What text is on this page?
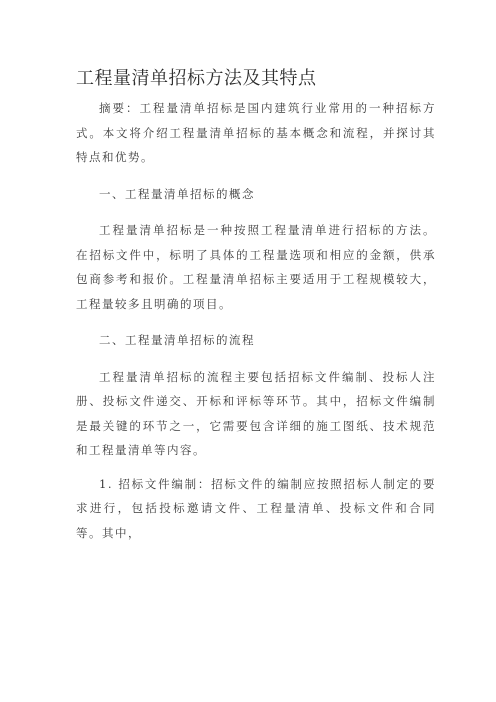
工程量清单招标方法及其特点

摘要：工程量清单招标是国内建筑行业常用的一种招标方式。本文将介绍工程量清单招标的基本概念和流程，并探讨其特点和优势。

一、工程量清单招标的概念

工程量清单招标是一种按照工程量清单进行招标的方法。在招标文件中，标明了具体的工程量选项和相应的金额，供承包商参考和报价。工程量清单招标主要适用于工程规模较大，工程量较多且明确的项目。

二、工程量清单招标的流程

工程量清单招标的流程主要包括招标文件编制、投标人注册、投标文件递交、开标和评标等环节。其中，招标文件编制是最关键的环节之一，它需要包含详细的施工图纸、技术规范和工程量清单等内容。

1. 招标文件编制：招标文件的编制应按照招标人制定的要求进行，包括投标邀请文件、工程量清单、投标文件和合同等。其中，
